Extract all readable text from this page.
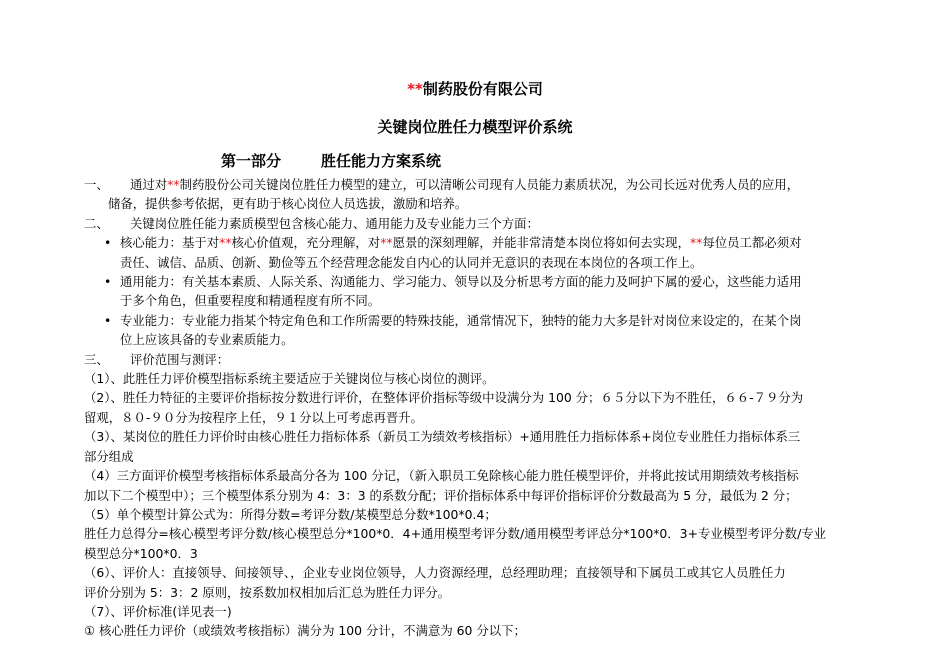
**制药股份有限公司
关键岗位胜任力模型评价系统
第一部分	胜任能力方案系统
一、 通过对**制药股份公司关键岗位胜任力模型的建立，可以清晰公司现有人员能力素质状况，为公司长远对优秀人员的应用，
储备，提供参考依据，更有助于核心岗位人员选拔，激励和培养。
二、 关键岗位胜任能力素质模型包含核心能力、通用能力及专业能力三个方面：
• 核心能力：基于对**核心价值观，充分理解，对**愿景的深刻理解，并能非常清楚本岗位将如何去实现，**每位员工都必须对
责任、诚信、品质、创新、勤俭等五个经营理念能发自内心的认同并无意识的表现在本岗位的各项工作上。
• 通用能力：有关基本素质、人际关系、沟通能力、学习能力、领导以及分析思考方面的能力及呵护下属的爱心，这些能力适用
于多个角色，但重要程度和精通程度有所不同。
• 专业能力：专业能力指某个特定角色和工作所需要的特殊技能，通常情况下，独特的能力大多是针对岗位来设定的，在某个岗
位上应该具备的专业素质能力。
三、 评价范围与测评：
（1）、此胜任力评价模型指标系统主要适应于关键岗位与核心岗位的测评。
（2）、胜任力特征的主要评价指标按分数进行评价，在整体评价指标等级中设满分为 100 分；６５分以下为不胜任，６６-７９分为
留观，８０-９０分为按程序上任，９１分以上可考虑再晋升。
（3）、某岗位的胜任力评价时由核心胜任力指标体系（新员工为绩效考核指标）+通用胜任力指标体系+岗位专业胜任力指标体系三
部分组成
（4）三方面评价模型考核指标体系最高分各为 100 分记，（新入职员工免除核心能力胜任模型评价，并将此按试用期绩效考核指标
加以下二个模型中）；三个模型体系分别为 4：3：3 的系数分配；评价指标体系中每评价指标评价分数最高为 5 分，最低为 2 分；
（5）单个模型计算公式为：所得分数=考评分数/某模型总分数*100*0.4；
胜任力总得分=核心模型考评分数/核心模型总分*100*0．4+通用模型考评分数/通用模型考评总分*100*0．3+专业模型考评分数/专业
模型总分*100*0．3
（6）、评价人：直接领导、间接领导、，企业专业岗位领导，人力资源经理，总经理助理；直接领导和下属员工或其它人员胜任力
评价分别为 5：3：2 原则，按系数加权相加后汇总为胜任力评分。
（7）、评价标准(详见表一)
① 核心胜任力评价（或绩效考核指标）满分为 100 分计，不满意为 60 分以下；
